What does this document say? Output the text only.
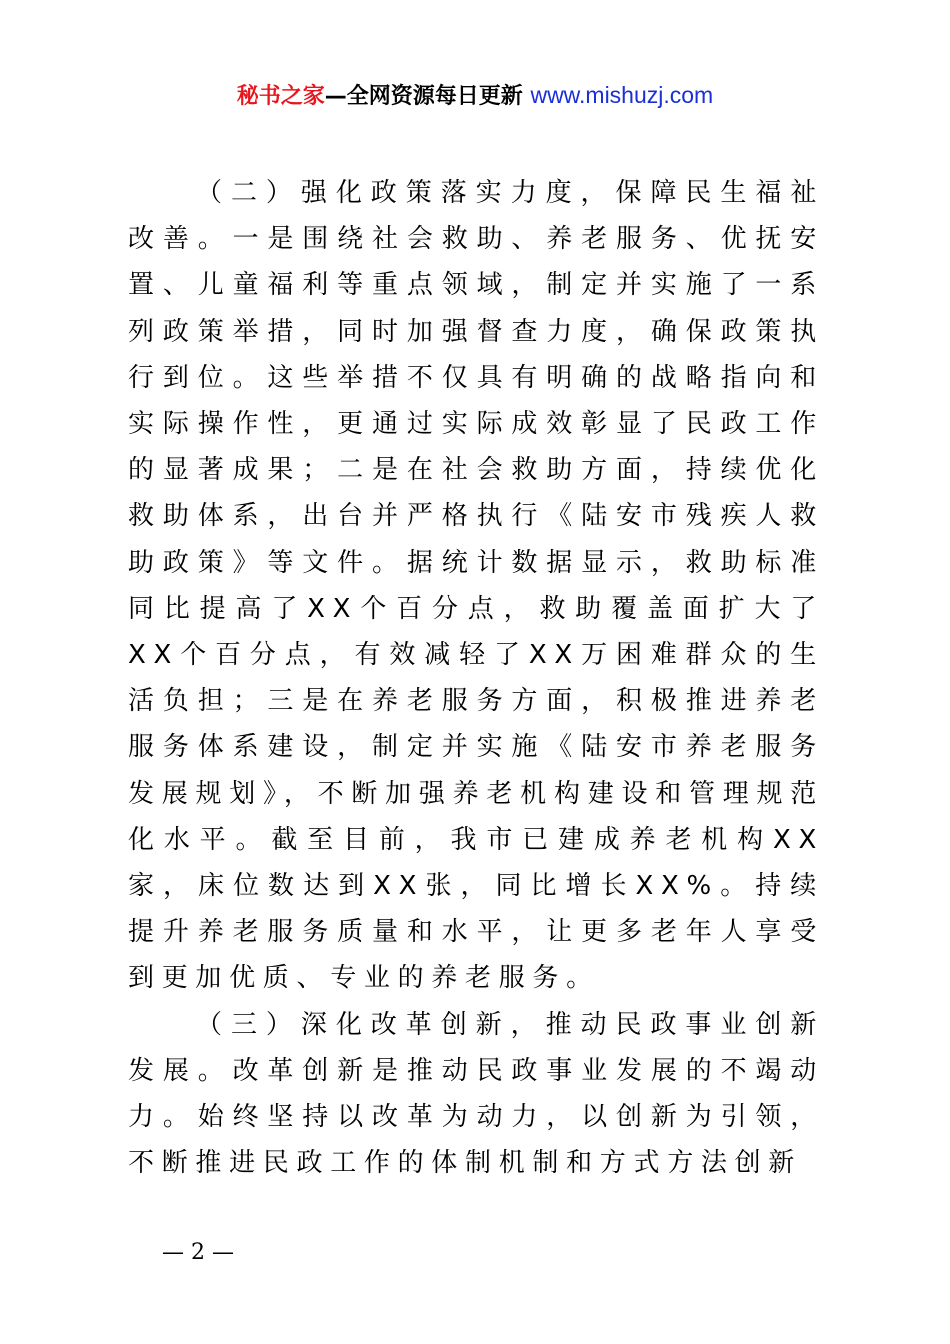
秘书之家—全网资源每日更新 www.mishuzj.com

（二）强化政策落实力度，保障民生福祉改善。一是围绕社会救助、养老服务、优抚安置、儿童福利等重点领域，制定并实施了一系列政策举措，同时加强督查力度，确保政策执行到位。这些举措不仅具有明确的战略指向和实际操作性，更通过实际成效彰显了民政工作的显著成果；二是在社会救助方面，持续优化救助体系，出台并严格执行《陆安市残疾人救助政策》等文件。据统计数据显示，救助标准同比提高了XX个百分点，救助覆盖面扩大了XX个百分点，有效减轻了XX万困难群众的生活负担；三是在养老服务方面，积极推进养老服务体系建设，制定并实施《陆安市养老服务发展规划》，不断加强养老机构建设和管理规范化水平。截至目前，我市已建成养老机构XX家，床位数达到XX张，同比增长XX%。持续提升养老服务质量和水平，让更多老年人享受到更加优质、专业的养老服务。

（三）深化改革创新，推动民政事业创新发展。改革创新是推动民政事业发展的不竭动力。始终坚持以改革为动力，以创新为引领，不断推进民政工作的体制机制和方式方法创新

— 2 —
